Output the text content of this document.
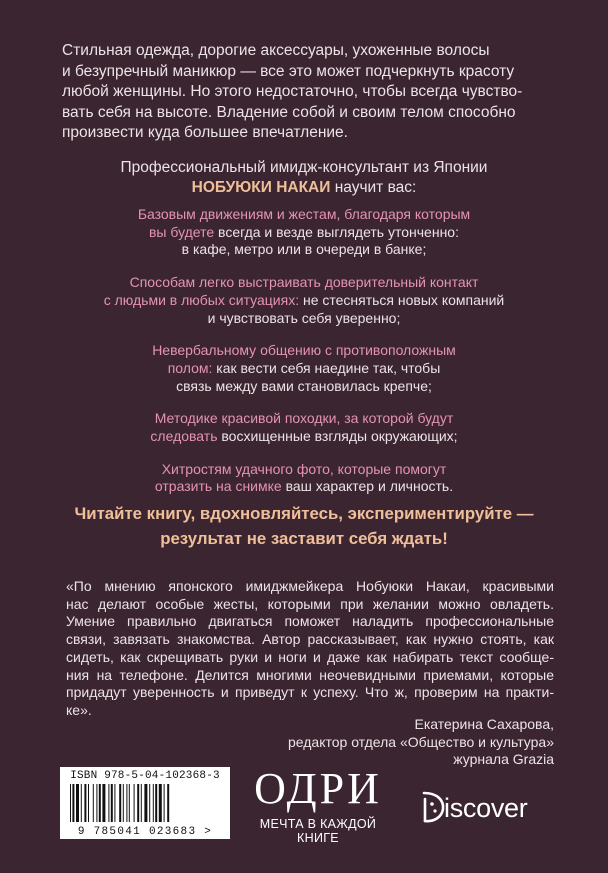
Стильная одежда, дорогие аксессуары, ухоженные волосы
и безупречный маникюр — все это может подчеркнуть красоту
любой женщины. Но этого недостаточно, чтобы всегда чувство-
вать себя на высоте. Владение собой и своим телом способно
произвести куда большее впечатление.

Профессиональный имидж-консультант из Японии
НОБУЮКИ НАКАИ научит вас:
Базовым движениям и жестам, благодаря которым
вы будете всегда и везде выглядеть утонченно:
в кафе, метро или в очереди в банке;
Способам легко выстраивать доверительный контакт
с людьми в любых ситуациях: не стесняться новых компаний
и чувствовать себя уверенно;
Невербальному общению с противоположным
полом: как вести себя наедине так, чтобы
связь между вами становилась крепче;
Методике красивой походки, за которой будут
следовать восхищенные взгляды окружающих;
Хитростям удачного фото, которые помогут
отразить на снимке ваш характер и личность.
Читайте книгу, вдохновляйтесь, экспериментируйте —
результат не заставит себя ждать!
«По мнению японского имиджмейкера Нобуюки Накаи, красивыми
нас делают особые жесты, которыми при желании можно овладеть.
Умение правильно двигаться поможет наладить профессиональные
связи, завязать знакомства. Автор рассказывает, как нужно стоять, как
сидеть, как скрещивать руки и ноги и даже как набирать текст сообще-
ния на телефоне. Делится многими неочевидными приемами, которые
придадут уверенность и приведут к успеху. Что ж, проверим на практи-
ке».
Екатерина Сахарова,
редактор отдела «Общество и культура»
журнала Grazia
ISBN 978-5-04-102368-3
9 785041 023683 >
ОДРИ
МЕЧТА В КАЖДОЙ
КНИГЕ
iscover
